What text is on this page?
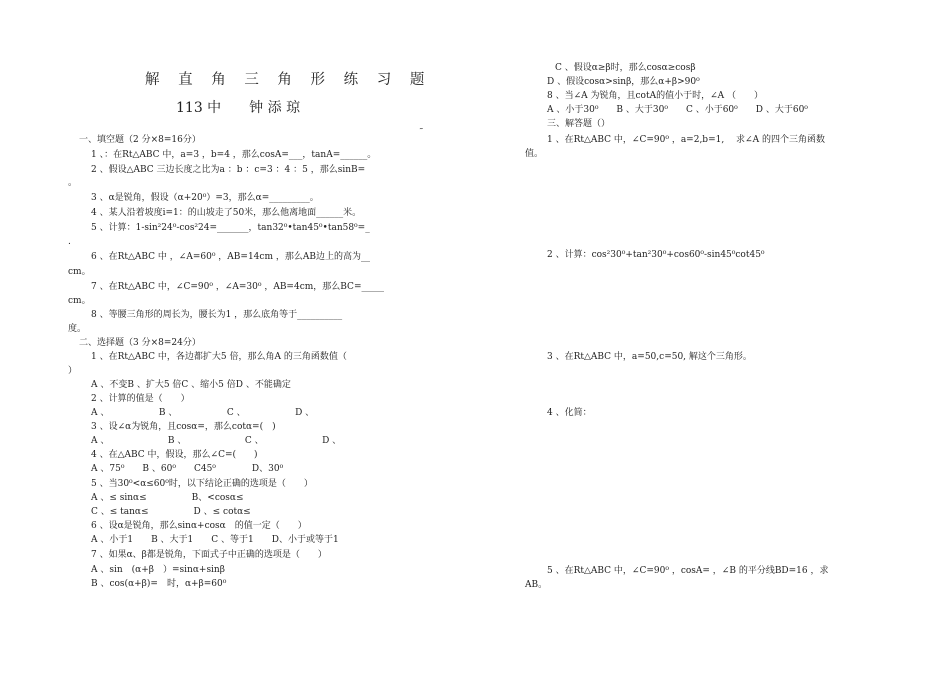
解 直 角 三 角 形 练 习 题
113 中　　钟 添 琼
一、填空题（2 分×8=16分）
1 、：在Rt△ABC 中，a=3 ，b=4 ，那么cosA=___，tanA=______。
2 、假设△ABC 三边长度之比为a ：b ：c=3 ：4 ：5 ，那么sinB=
。
3 、α是锐角，假设（α+20⁰）=3，那么α=_________。
4 、某人沿着坡度i=1：的山坡走了50米，那么他离地面______米。
5 、计算：1-sin²24⁰-cos²24=_______，tan32⁰•tan45⁰•tan58⁰=_
.
6 、在Rt△ABC 中 ，∠A=60⁰ ，AB=14cm ，那么AB边上的高为__
cm。
7 、在Rt△ABC 中，∠C=90⁰ ，∠A=30⁰ ，AB=4cm，那么BC=_____
cm。
8 、等腰三角形的周长为，腰长为1 ，那么底角等于__________
度。
二、选择题（3 分×8=24分）
1 、在Rt△ABC 中，各边都扩大5 倍，那么角A 的三角函数值（
）
A 、不变B 、扩大5 倍C 、缩小5 倍D 、不能确定
2 、计算的值是（　　）
A 、　　　　　　B 、　　　　　　C 、　　　　　　D 、
3 、设∠α为锐角，且cosα=，那么cotα=(　)
A 、　　　　　　　B 、　　　　　　　C 、　　　　　　　D 、
4 、在△ABC 中，假设，那么∠C=(　　)
A 、75⁰　　B 、60⁰　　C45⁰　　　　D、30⁰
5 、当30⁰<α≤60⁰时，以下结论正确的选项是（　　）
A 、≤ sinα≤　　　　　B、<cosα≤
C 、≤ tanα≤　　　　　D 、≤ cotα≤
6 、设α是锐角，那么sinα+cosα　的值一定（　　）
A 、小于1　　B 、大于1　　C 、等于1　　D、小于或等于1
7 、如果α、β都是锐角，下面式子中正确的选项是（　　）
A 、sin　(α+β　）=sinα+sinβ
B 、cos(α+β)=　时，α+β=60⁰
˜
C 、假设α≥β时，那么cosα≥cosβ
D 、假设cosα>sinβ，那么α+β>90⁰
8 、当∠A 为锐角，且cotA的值小于时，∠A （　　）
A 、小于30⁰　　B 、大于30⁰　　C 、小于60⁰　　D 、大于60⁰
三、解答题（）
1 、在Rt△ABC 中，∠C=90⁰ ，a=2,b=1,　 求∠A 的四个三角函数
值。
2 、计算：cos²30⁰+tan²30⁰+cos60⁰-sin45⁰cot45⁰
3 、在Rt△ABC 中，a=50,c=50, 解这个三角形。
4 、化简：
5 、在Rt△ABC 中，∠C=90⁰ ，cosA= ，∠B 的平分线BD=16 ，求
AB。
